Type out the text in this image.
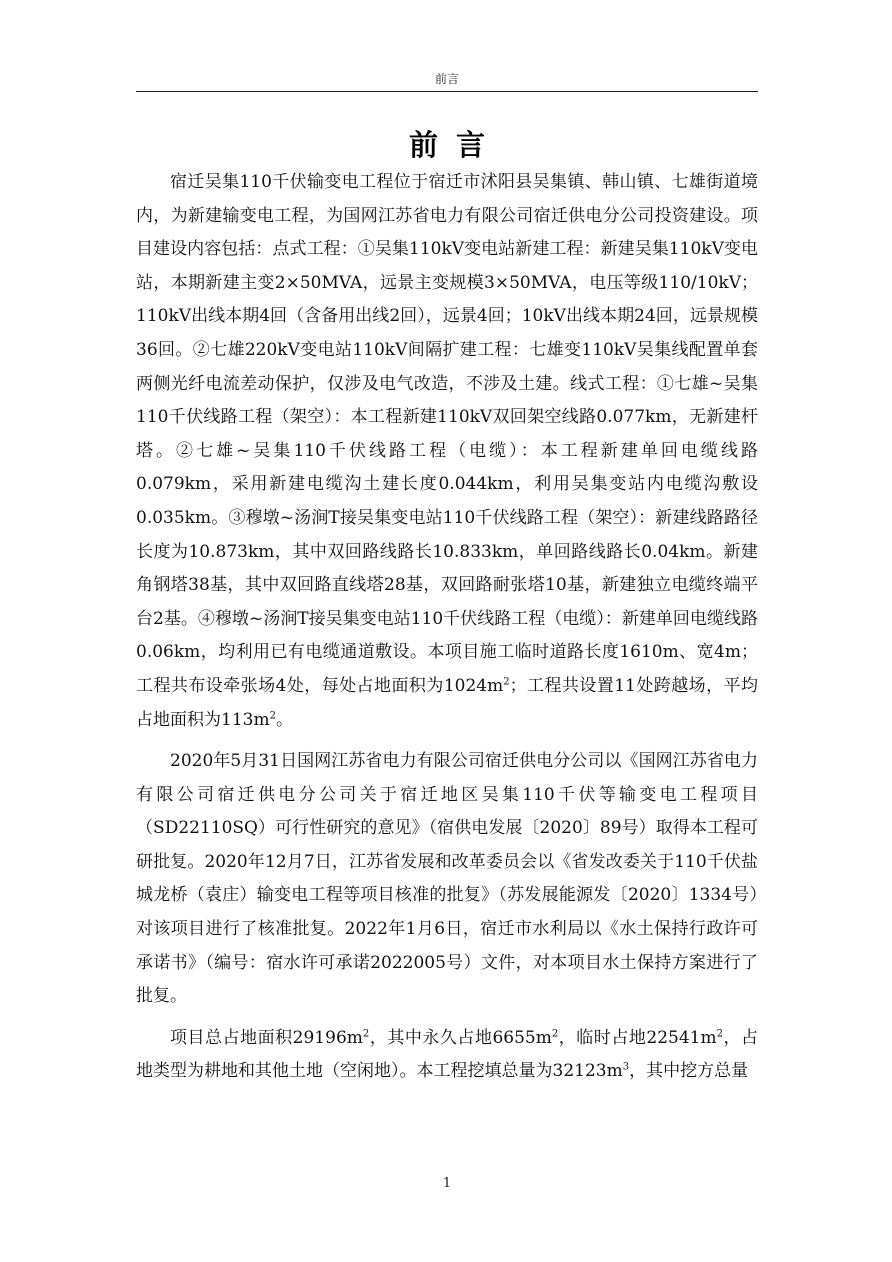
前言
前言

宿迁吴集110千伏输变电工程位于宿迁市沭阳县吴集镇、韩山镇、七雄街道境内，为新建输变电工程，为国网江苏省电力有限公司宿迁供电分公司投资建设。项目建设内容包括：点式工程：①吴集110kV变电站新建工程：新建吴集110kV变电站，本期新建主变2×50MVA，远景主变规模3×50MVA，电压等级110/10kV；110kV出线本期4回（含备用出线2回），远景4回；10kV出线本期24回，远景规模36回。②七雄220kV变电站110kV间隔扩建工程：七雄变110kV吴集线配置单套两侧光纤电流差动保护，仅涉及电气改造，不涉及土建。线式工程：①七雄~吴集110千伏线路工程（架空）：本工程新建110kV双回架空线路0.077km，无新建杆塔。②七雄~吴集110千伏线路工程（电缆）：本工程新建单回电缆线路0.079km，采用新建电缆沟土建长度0.044km，利用吴集变站内电缆沟敷设0.035km。③穆墩~汤涧T接吴集变电站110千伏线路工程（架空）：新建线路路径长度为10.873km，其中双回路线路长10.833km，单回路线路长0.04km。新建角钢塔38基，其中双回路直线塔28基，双回路耐张塔10基，新建独立电缆终端平台2基。④穆墩~汤涧T接吴集变电站110千伏线路工程（电缆）：新建单回电缆线路0.06km，均利用已有电缆通道敷设。本项目施工临时道路长度1610m、宽4m；工程共布设牵张场4处，每处占地面积为$1024m^2$；工程共设置11处跨越场，平均占地面积为$113m^2$。

2020年5月31日国网江苏省电力有限公司宿迁供电分公司以《国网江苏省电力有限公司宿迁供电分公司关于宿迁地区吴集110千伏等输变电工程项目（SD22110SQ）可行性研究的意见》（宿供电发展〔2020〕89号）取得本工程可研批复。2020年12月7日，江苏省发展和改革委员会以《省发改委关于110千伏盐城龙桥（袁庄）输变电工程等项目核准的批复》（苏发展能源发〔2020〕1334号）对该项目进行了核准批复。2022年1月6日，宿迁市水利局以《水土保持行政许可承诺书》（编号：宿水许可承诺2022005号）文件，对本项目水土保持方案进行了批复。

项目总占地面积$29196m^2$，其中永久占地$6655m^2$，临时占地$22541m^2$，占地类型为耕地和其他土地（空闲地）。本工程挖填总量为$32123m^3$，其中挖方总量

1
